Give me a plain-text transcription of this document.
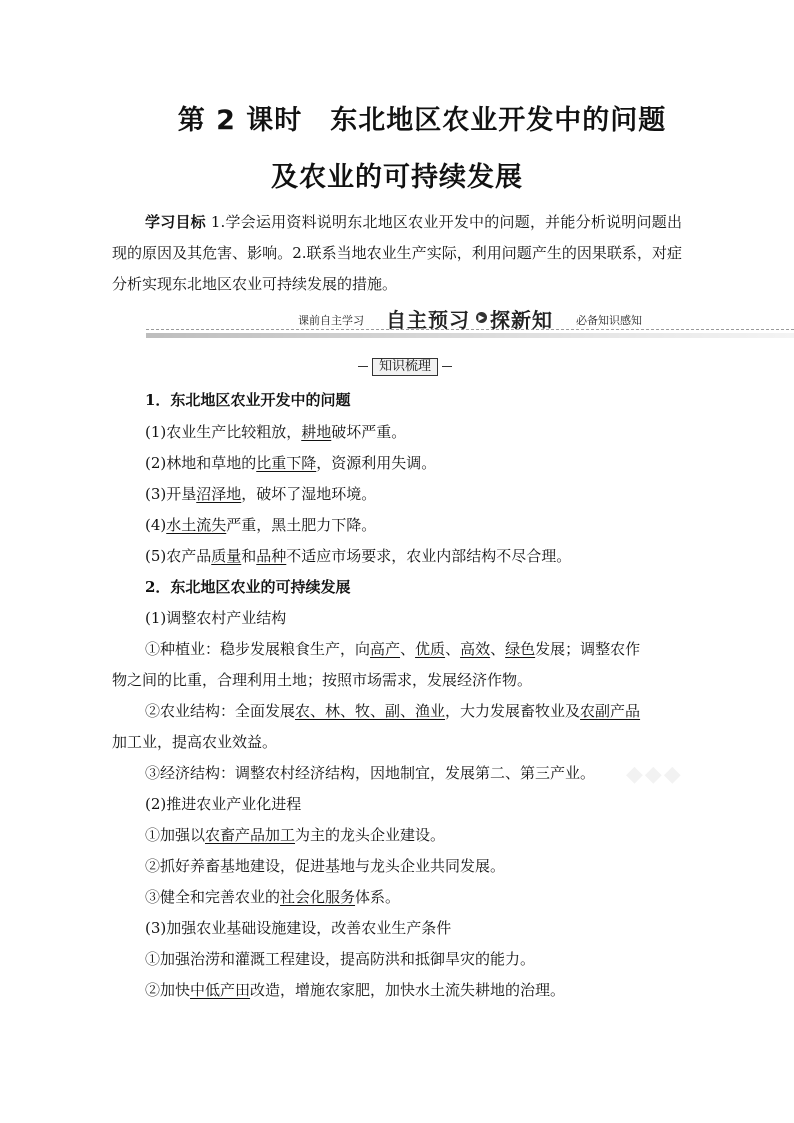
第 2 课时　东北地区农业开发中的问题
及农业的可持续发展
学习目标 1.学会运用资料说明东北地区农业开发中的问题，并能分析说明问题出现的原因及其危害、影响。2.联系当地农业生产实际，利用问题产生的因果联系，对症分析实现东北地区农业可持续发展的措施。
课前自主学习 自主预习	▶ 探新知 必备知识感知
知识梳理
1．东北地区农业开发中的问题
(1)农业生产比较粗放，耕地破坏严重。
(2)林地和草地的比重下降，资源利用失调。
(3)开垦沼泽地，破坏了湿地环境。
(4)水土流失严重，黑土肥力下降。
(5)农产品质量和品种不适应市场要求，农业内部结构不尽合理。
2．东北地区农业的可持续发展
(1)调整农村产业结构
①种植业：稳步发展粮食生产，向高产、优质、高效、绿色发展；调整农作
物之间的比重，合理利用土地；按照市场需求，发展经济作物。
②农业结构：全面发展农、林、牧、副、渔业，大力发展畜牧业及农副产品
加工业，提高农业效益。
③经济结构：调整农村经济结构，因地制宜，发展第二、第三产业。
(2)推进农业产业化进程
①加强以农畜产品加工为主的龙头企业建设。
②抓好养畜基地建设，促进基地与龙头企业共同发展。
③健全和完善农业的社会化服务体系。
(3)加强农业基础设施建设，改善农业生产条件
①加强治涝和灌溉工程建设，提高防洪和抵御旱灾的能力。
②加快中低产田改造，增施农家肥，加快水土流失耕地的治理。
◆◆◆
